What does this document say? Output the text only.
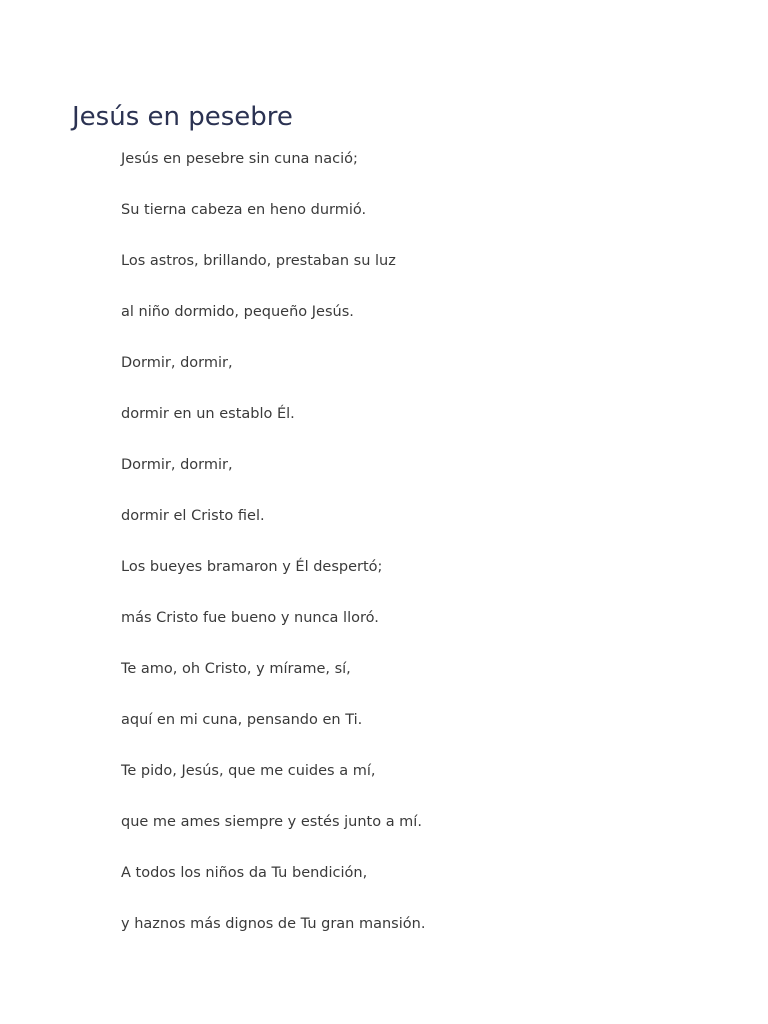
Jesús en pesebre
Jesús en pesebre sin cuna nació;
Su tierna cabeza en heno durmió.
Los astros, brillando, prestaban su luz
al niño dormido, pequeño Jesús.
Dormir, dormir,
dormir en un establo Él.
Dormir, dormir,
dormir el Cristo fiel.
Los bueyes bramaron y Él despertó;
más Cristo fue bueno y nunca lloró.
Te amo, oh Cristo, y mírame, sí,
aquí en mi cuna, pensando en Ti.
Te pido, Jesús, que me cuides a mí,
que me ames siempre y estés junto a mí.
A todos los niños da Tu bendición,
y haznos más dignos de Tu gran mansión.
